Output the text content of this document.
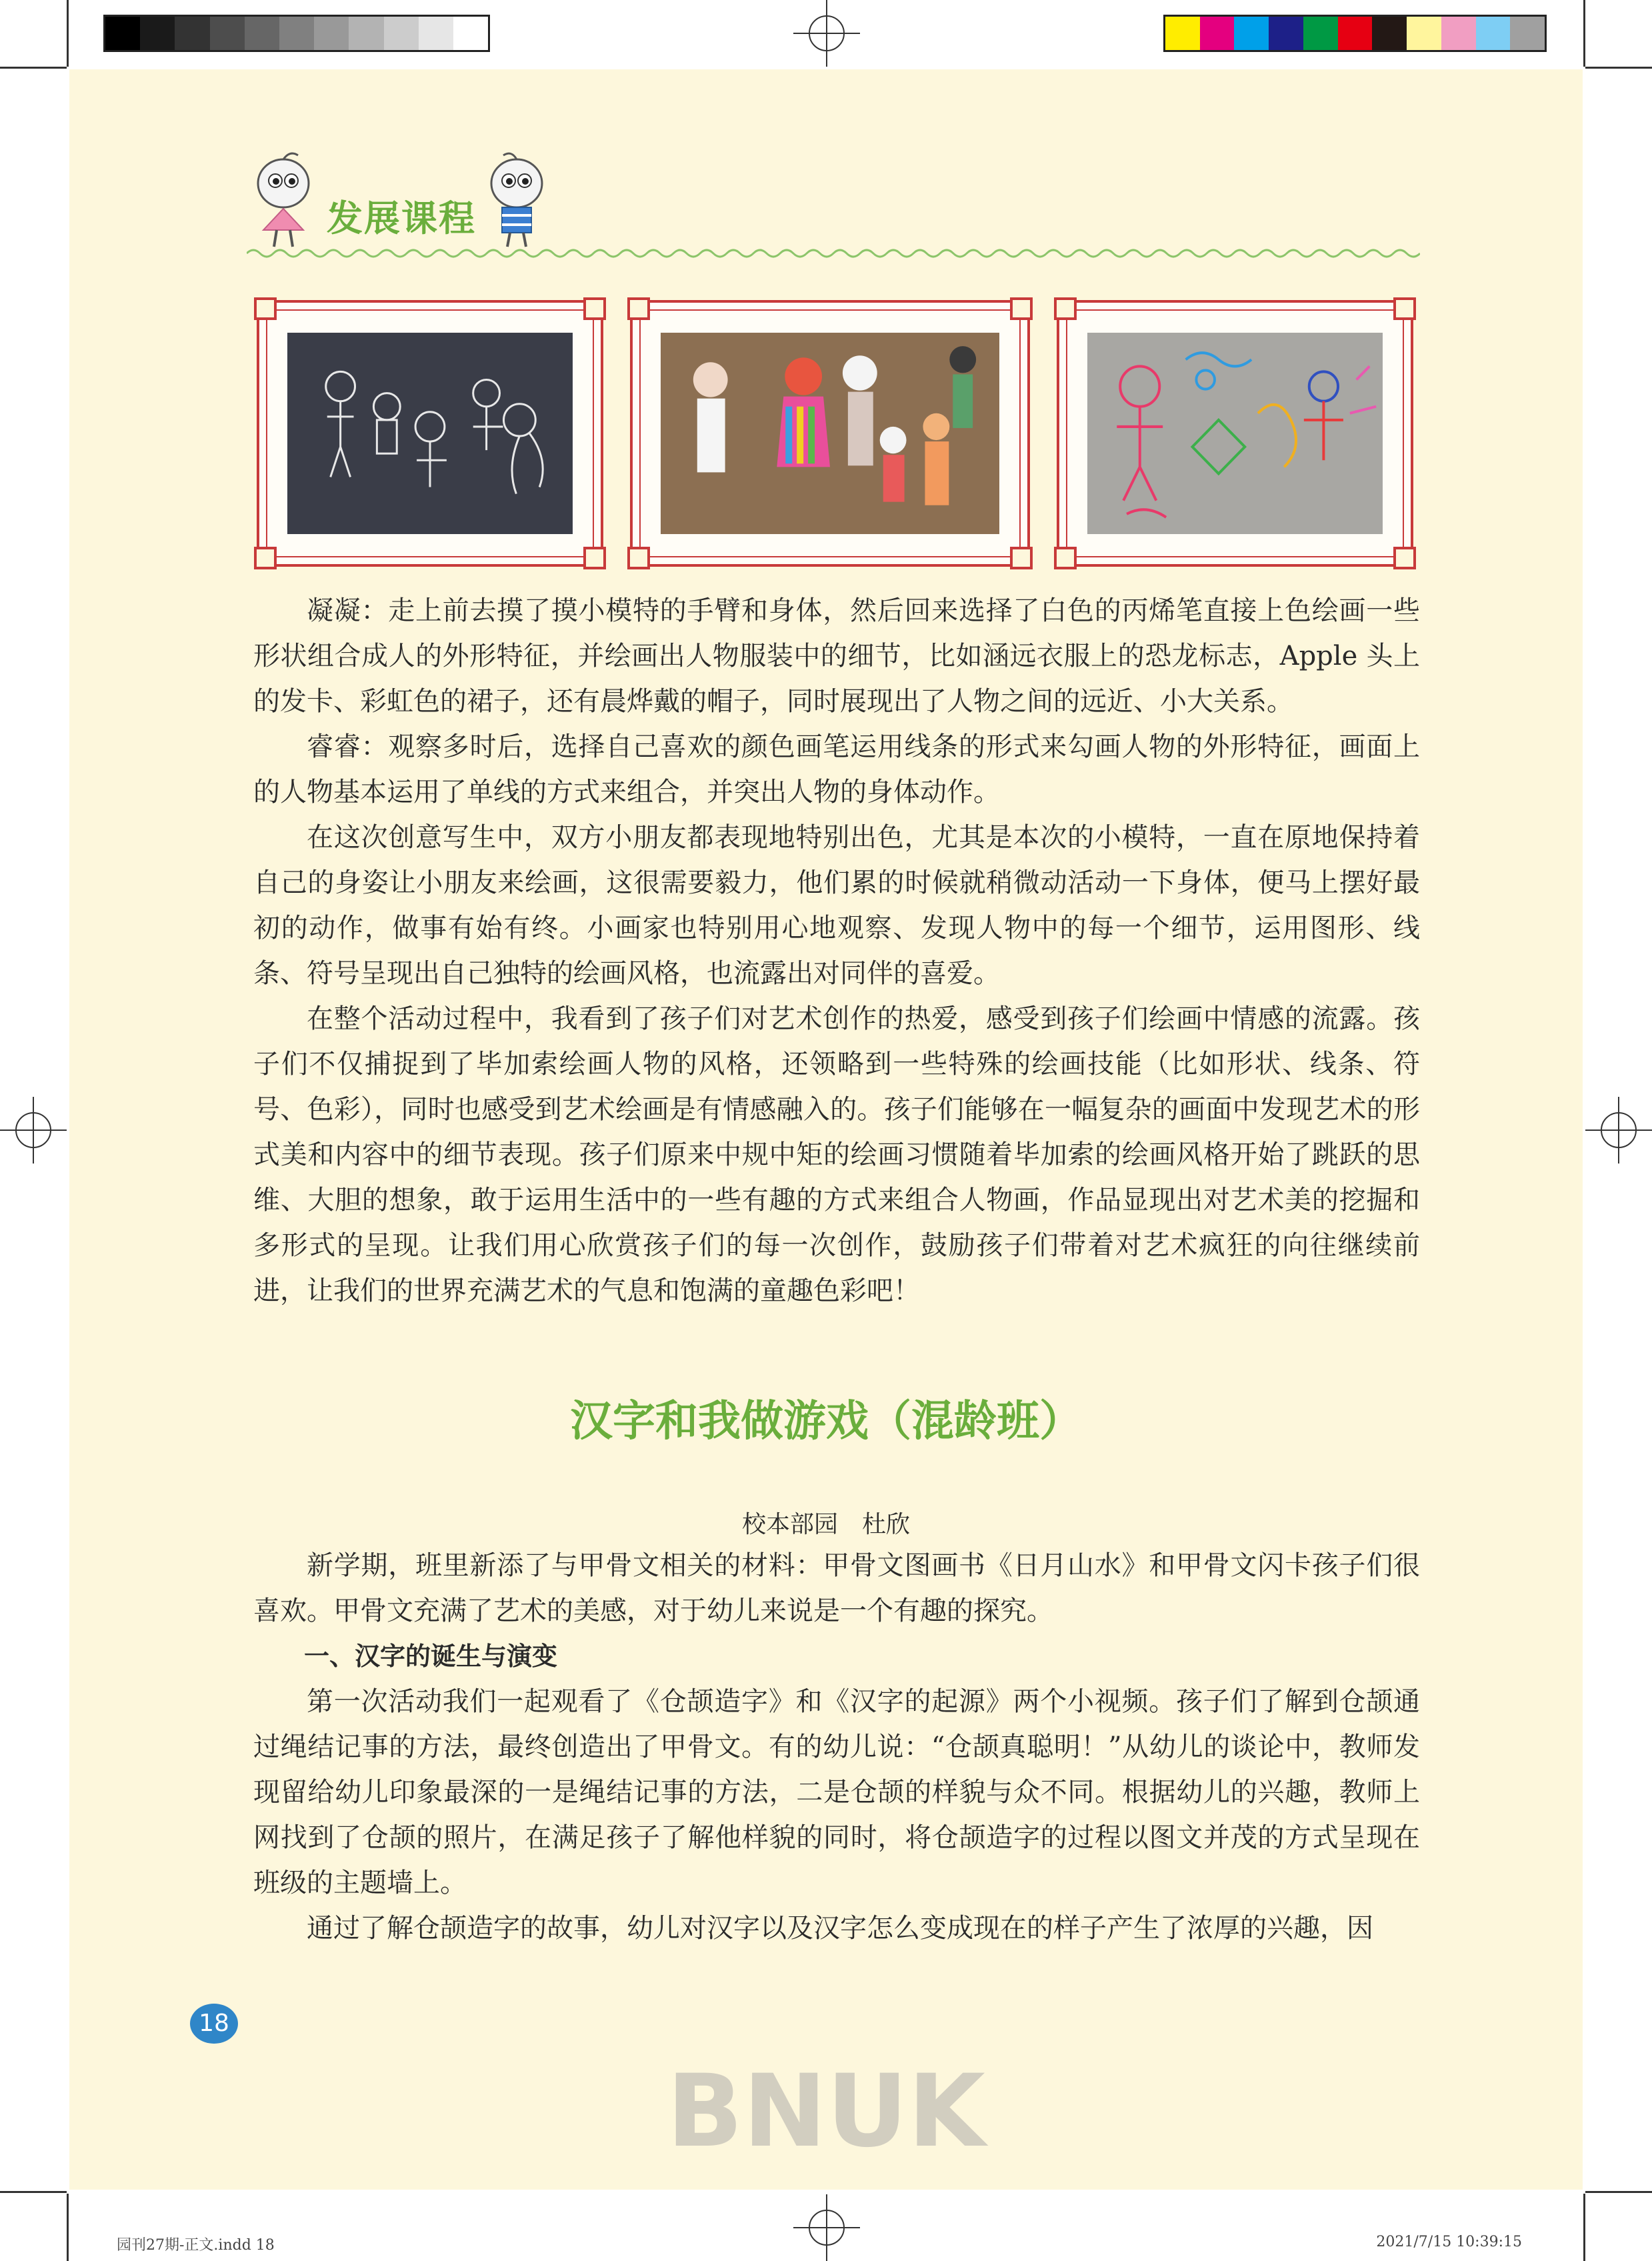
发展课程

凝凝：走上前去摸了摸小模特的手臂和身体，然后回来选择了白色的丙烯笔直接上色绘画一些形状组合成人的外形特征，并绘画出人物服装中的细节，比如涵远衣服上的恐龙标志，Apple 头上的发卡、彩虹色的裙子，还有晨烨戴的帽子，同时展现出了人物之间的远近、小大关系。

睿睿：观察多时后，选择自己喜欢的颜色画笔运用线条的形式来勾画人物的外形特征，画面上的人物基本运用了单线的方式来组合，并突出人物的身体动作。

在这次创意写生中，双方小朋友都表现地特别出色，尤其是本次的小模特，一直在原地保持着自己的身姿让小朋友来绘画，这很需要毅力，他们累的时候就稍微动活动一下身体，便马上摆好最初的动作，做事有始有终。小画家也特别用心地观察、发现人物中的每一个细节，运用图形、线条、符号呈现出自己独特的绘画风格，也流露出对同伴的喜爱。

在整个活动过程中，我看到了孩子们对艺术创作的热爱，感受到孩子们绘画中情感的流露。孩子们不仅捕捉到了毕加索绘画人物的风格，还领略到一些特殊的绘画技能（比如形状、线条、符号、色彩），同时也感受到艺术绘画是有情感融入的。孩子们能够在一幅复杂的画面中发现艺术的形式美和内容中的细节表现。孩子们原来中规中矩的绘画习惯随着毕加索的绘画风格开始了跳跃的思维、大胆的想象，敢于运用生活中的一些有趣的方式来组合人物画，作品显现出对艺术美的挖掘和多形式的呈现。让我们用心欣赏孩子们的每一次创作，鼓励孩子们带着对艺术疯狂的向往继续前进，让我们的世界充满艺术的气息和饱满的童趣色彩吧！

汉字和我做游戏（混龄班）
校本部园　杜欣

新学期，班里新添了与甲骨文相关的材料：甲骨文图画书《日月山水》和甲骨文闪卡孩子们很喜欢。甲骨文充满了艺术的美感，对于幼儿来说是一个有趣的探究。

一、汉字的诞生与演变

第一次活动我们一起观看了《仓颉造字》和《汉字的起源》两个小视频。孩子们了解到仓颉通过绳结记事的方法，最终创造出了甲骨文。有的幼儿说：“仓颉真聪明！”从幼儿的谈论中，教师发现留给幼儿印象最深的一是绳结记事的方法，二是仓颉的样貌与众不同。根据幼儿的兴趣，教师上网找到了仓颉的照片，在满足孩子了解他样貌的同时，将仓颉造字的过程以图文并茂的方式呈现在班级的主题墙上。

通过了解仓颉造字的故事，幼儿对汉字以及汉字怎么变成现在的样子产生了浓厚的兴趣，因

18
BNUK
园刊27期-正文.indd 18	2021/7/15 10:39:15
